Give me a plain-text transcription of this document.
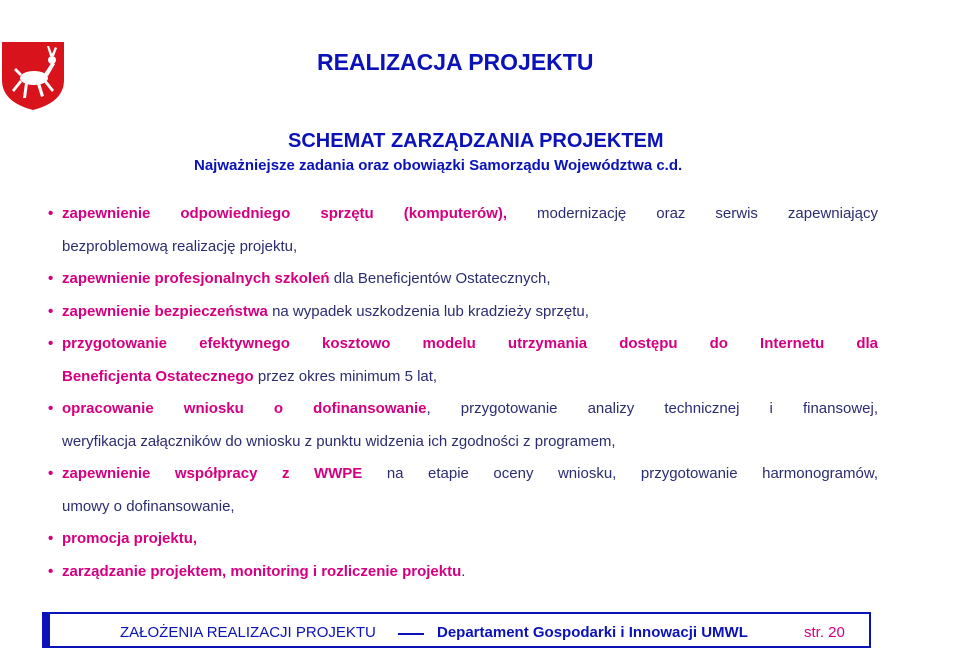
REALIZACJA PROJEKTU
SCHEMAT ZARZĄDZANIA PROJEKTEM
Najważniejsze zadania oraz obowiązki Samorządu Województwa c.d.
• zapewnienie odpowiedniego sprzętu (komputerów), modernizację oraz serwis zapewniający
bezproblemową realizację projektu,
• zapewnienie profesjonalnych szkoleń dla Beneficjentów Ostatecznych,
• zapewnienie bezpieczeństwa na wypadek uszkodzenia lub kradzieży sprzętu,
• przygotowanie efektywnego kosztowo modelu utrzymania dostępu do Internetu dla
Beneficjenta Ostatecznego przez okres minimum 5 lat,
• opracowanie wniosku o dofinansowanie, przygotowanie analizy technicznej i finansowej,
weryfikacja załączników do wniosku z punktu widzenia ich zgodności z programem,
• zapewnienie współpracy z WWPE na etapie oceny wniosku, przygotowanie harmonogramów,
umowy o dofinansowanie,
• promocja projektu,
• zarządzanie projektem, monitoring i rozliczenie projektu.
ZAŁOŻENIA REALIZACJI PROJEKTU	Departament Gospodarki i Innowacji UMWL	str. 20
